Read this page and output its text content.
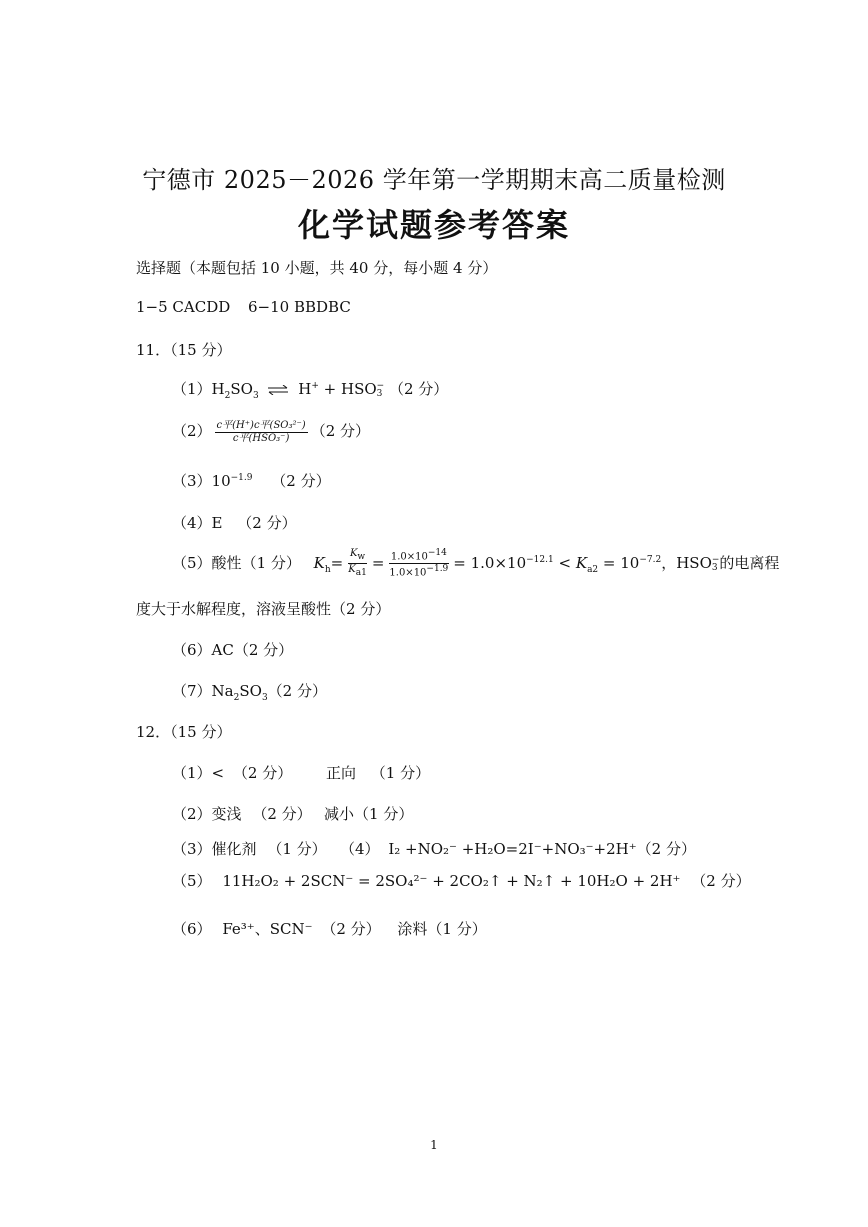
宁德市 2025－2026 学年第一学期期末高二质量检测
化学试题参考答案
选择题（本题包括 10 小题，共 40 分，每小题 4 分）
1−5 CACDD 6−10 BBDBC
11．（15 分）
$(1)H_2SO_3$ ⇌ H+ + HSO −
3 （2 分）
$(2) \frac{\text{c平(H⁺)c平(SO₃²⁻)}}{\text{c平(HSO₃⁻)}} (2$ 分）
$(3)10^{-1.9}$ （2 分）
（4）E （2 分）
（5）酸性（1 分） $K_h= \frac{K_w}{K_{a1}} = \frac{1.0\times 10^{-14}}{1.0\times 10^{-1.9}} = 1.0\times 10^{-12.1} < K_{a2} = 10^{-7.2}$，HSO −
3 的电离程
度大于水解程度，溶液呈酸性（2 分）
（6）AC（2 分）
$(7)Na_2SO_3(2$ 分）
12．（15 分）
（1）< （2 分） 正向 （1 分）
（2）变浅 （2 分） 减小（1 分）
（3）催化剂 （1 分） （4） I₂ +NO₂⁻ +H₂O=2I⁻+NO₃⁻+2H⁺（2 分）
（5） 11H₂O₂ + 2SCN⁻ = 2SO₄²⁻ + 2CO₂↑ + N₂↑ + 10H₂O + 2H⁺ （2 分）
（6） Fe³⁺、SCN⁻ （2 分） 涂料（1 分）
1
